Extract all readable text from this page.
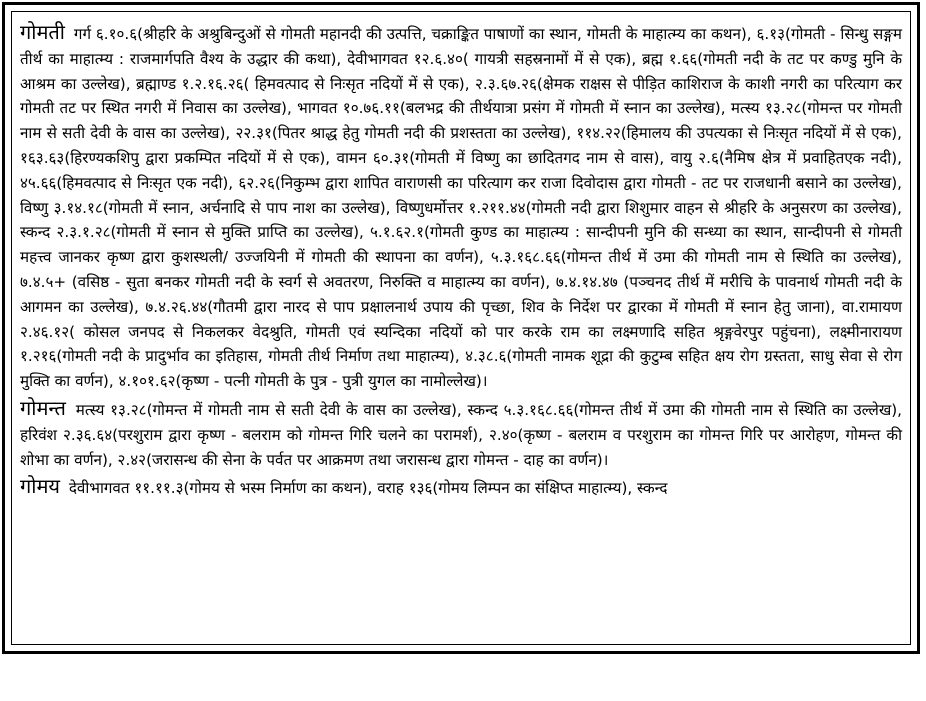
गोमती गर्ग ६.१०.६(श्रीहरि के अश्रुबिन्दुओं से गोमती महानदी की उत्पत्ति, चक्राङ्कित पाषाणों का स्थान, गोमती के माहात्म्य का कथन), ६.१३(गोमती - सिन्धु सङ्गम तीर्थ का माहात्म्य : राजमार्गपति वैश्य के उद्धार की कथा), देवीभागवत १२.६.४०( गायत्री सहस्रनामों में से एक), ब्रह्म १.६६(गोमती नदी के तट पर कण्डु मुनि के आश्रम का उल्लेख), ब्रह्माण्ड १.२.१६.२६( हिमवत्पाद से निःसृत नदियों में से एक), २.३.६७.२६(क्षेमक राक्षस से पीड़ित काशिराज के काशी नगरी का परित्याग कर गोमती तट पर स्थित नगरी में निवास का उल्लेख), भागवत १०.७६.११(बलभद्र की तीर्थयात्रा प्रसंग में गोमती में स्नान का उल्लेख), मत्स्य १३.२८(गोमन्त पर गोमती नाम से सती देवी के वास का उल्लेख), २२.३१(पितर श्राद्ध हेतु गोमती नदी की प्रशस्तता का उल्लेख), ११४.२२(हिमालय की उपत्यका से निःसृत नदियों में से एक), १६३.६३(हिरण्यकशिपु द्वारा प्रकम्पित नदियों में से एक), वामन ६०.३१(गोमती में विष्णु का छादितगद नाम से वास), वायु २.६(नैमिष क्षेत्र में प्रवाहितएक नदी), ४५.६६(हिमवत्पाद से निःसृत एक नदी), ६२.२६(निकुम्भ द्वारा शापित वाराणसी का परित्याग कर राजा दिवोदास द्वारा गोमती - तट पर राजधानी बसाने का उल्लेख), विष्णु ३.१४.१८(गोमती में स्नान, अर्चनादि से पाप नाश का उल्लेख), विष्णुधर्मोत्तर १.२११.४४(गोमती नदी द्वारा शिशुमार वाहन से श्रीहरि के अनुसरण का उल्लेख), स्कन्द २.३.१.२८(गोमती में स्नान से मुक्ति प्राप्ति का उल्लेख), ५.१.६२.१(गोमती कुण्ड का माहात्म्य : सान्दीपनी मुनि की सन्ध्या का स्थान, सान्दीपनी से गोमती महत्त्व जानकर कृष्ण द्वारा कुशस्थली/ उज्जयिनी में गोमती की स्थापना का वर्णन), ५.३.१६८.६६(गोमन्त तीर्थ में उमा की गोमती नाम से स्थिति का उल्लेख), ७.४.५+ (वसिष्ठ - सुता बनकर गोमती नदी के स्वर्ग से अवतरण, निरुक्ति व माहात्म्य का वर्णन), ७.४.१४.४७ (पञ्चनद तीर्थ में मरीचि के पावनार्थ गोमती नदी के आगमन का उल्लेख), ७.४.२६.४४(गौतमी द्वारा नारद से पाप प्रक्षालनार्थ उपाय की पृच्छा, शिव के निर्देश पर द्वारका में गोमती में स्नान हेतु जाना), वा.रामायण २.४६.१२( कोसल जनपद से निकलकर वेदश्रुति, गोमती एवं स्यन्दिका नदियों को पार करके राम का लक्ष्मणादि सहित श्रृङ्गवेरपुर पहुंचना), लक्ष्मीनारायण १.२१६(गोमती नदी के प्रादुर्भाव का इतिहास, गोमती तीर्थ निर्माण तथा माहात्म्य), ४.३८.६(गोमती नामक शूद्रा की कुटुम्ब सहित क्षय रोग ग्रस्तता, साधु सेवा से रोग मुक्ति का वर्णन), ४.१०१.६२(कृष्ण - पत्नी गोमती के पुत्र - पुत्री युगल का नामोल्लेख)।

गोमन्त मत्स्य १३.२८(गोमन्त में गोमती नाम से सती देवी के वास का उल्लेख), स्कन्द ५.३.१६८.६६(गोमन्त तीर्थ में उमा की गोमती नाम से स्थिति का उल्लेख), हरिवंश २.३६.६४(परशुराम द्वारा कृष्ण - बलराम को गोमन्त गिरि चलने का परामर्श), २.४०(कृष्ण - बलराम व परशुराम का गोमन्त गिरि पर आरोहण, गोमन्त की शोभा का वर्णन), २.४२(जरासन्ध की सेना के पर्वत पर आक्रमण तथा जरासन्ध द्वारा गोमन्त - दाह का वर्णन)।

गोमय देवीभागवत ११.११.३(गोमय से भस्म निर्माण का कथन), वराह १३६(गोमय लिम्पन का संक्षिप्त माहात्म्य), स्कन्द
